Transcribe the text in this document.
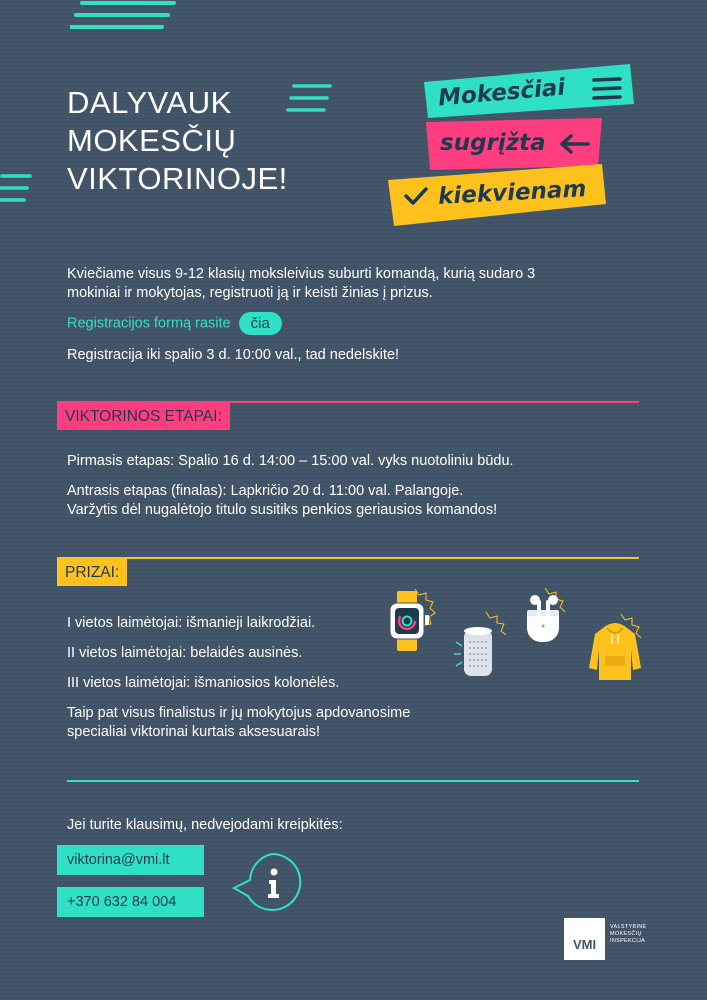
DALYVAUK
MOKESČIŲ
VIKTORINOJE!
Mokesčiai
sugrįžta
kiekvienam
Kviečiame visus 9-12 klasių moksleivius suburti komandą, kurią sudaro 3
mokiniai ir mokytojas, registruoti ją ir keisti žinias į prizus.
Registracijos formą rasite čia
Registracija iki spalio 3 d. 10:00 val., tad nedelskite!
VIKTORINOS ETAPAI:
Pirmasis etapas: Spalio 16 d. 14:00 – 15:00 val. vyks nuotoliniu būdu.
Antrasis etapas (finalas): Lapkričio 20 d. 11:00 val. Palangoje.
Varžytis dėl nugalėtojo titulo susitiks penkios geriausios komandos!
PRIZAI:
I vietos laimėtojai: išmanieji laikrodžiai.
II vietos laimėtojai: belaidės ausinės.
III vietos laimėtojai: išmaniosios kolonėlės.
Taip pat visus finalistus ir jų mokytojus apdovanosime
specialiai viktorinai kurtais aksesuarais!
Jei turite klausimų, nedvejodami kreipkitės:
viktorina@vmi.lt
+370 632 84 004
VMI
VALSTYBINĖ
MOKESČIŲ
INSPEKCIJA
